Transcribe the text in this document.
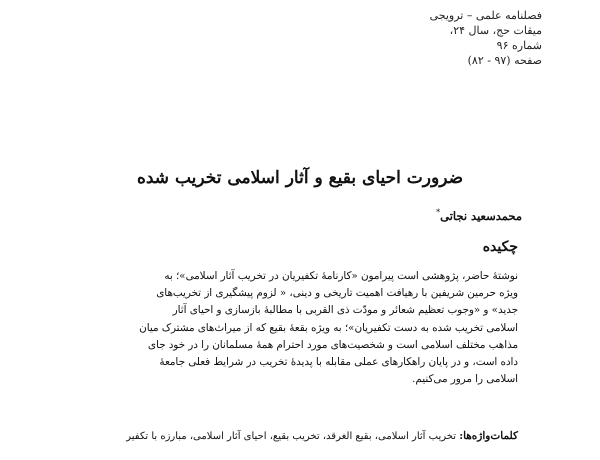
فصلنامه علمی – ترویجی
میقات حج، سال ۲۴،
شماره ۹۶
صفحه (۹۷ - ۸۲)
ضرورت احیای بقیع و آثار اسلامی تخریب شده
محمدسعید نجاتی*
چکیده
نوشتهٔ حاضر، پژوهشی است پیرامون «کارنامهٔ تکفیریان در تخریب آثار اسلامی»؛ به
ویژه حرمین شریفین با رهیافت اهمیت تاریخی و دینی، « لزوم پیشگیری از تخریب‌های
جدید» و «وجوب تعظیم شعائر و مودّت ذی القربی با مطالبهٔ بازسازی و احیای آثار
اسلامی تخریب شده به دست تکفیریان»؛ به ویژه بقعهٔ بقیع که از میراث‌های مشترک میان
مذاهب مختلف اسلامی است و شخصیت‌های مورد احترام همهٔ مسلمانان را در خود جای
داده است، و در پایان راهکارهای عملی مقابله با پدیدهٔ تخریب در شرایط فعلی جامعهٔ
اسلامی را مرور می‌کنیم.
کلمات‌واژه‌ها: تخریب آثار اسلامی، بقیع الغرقد، تخریب بقیع، احیای آثار اسلامی، مبارزه با تکفیر
